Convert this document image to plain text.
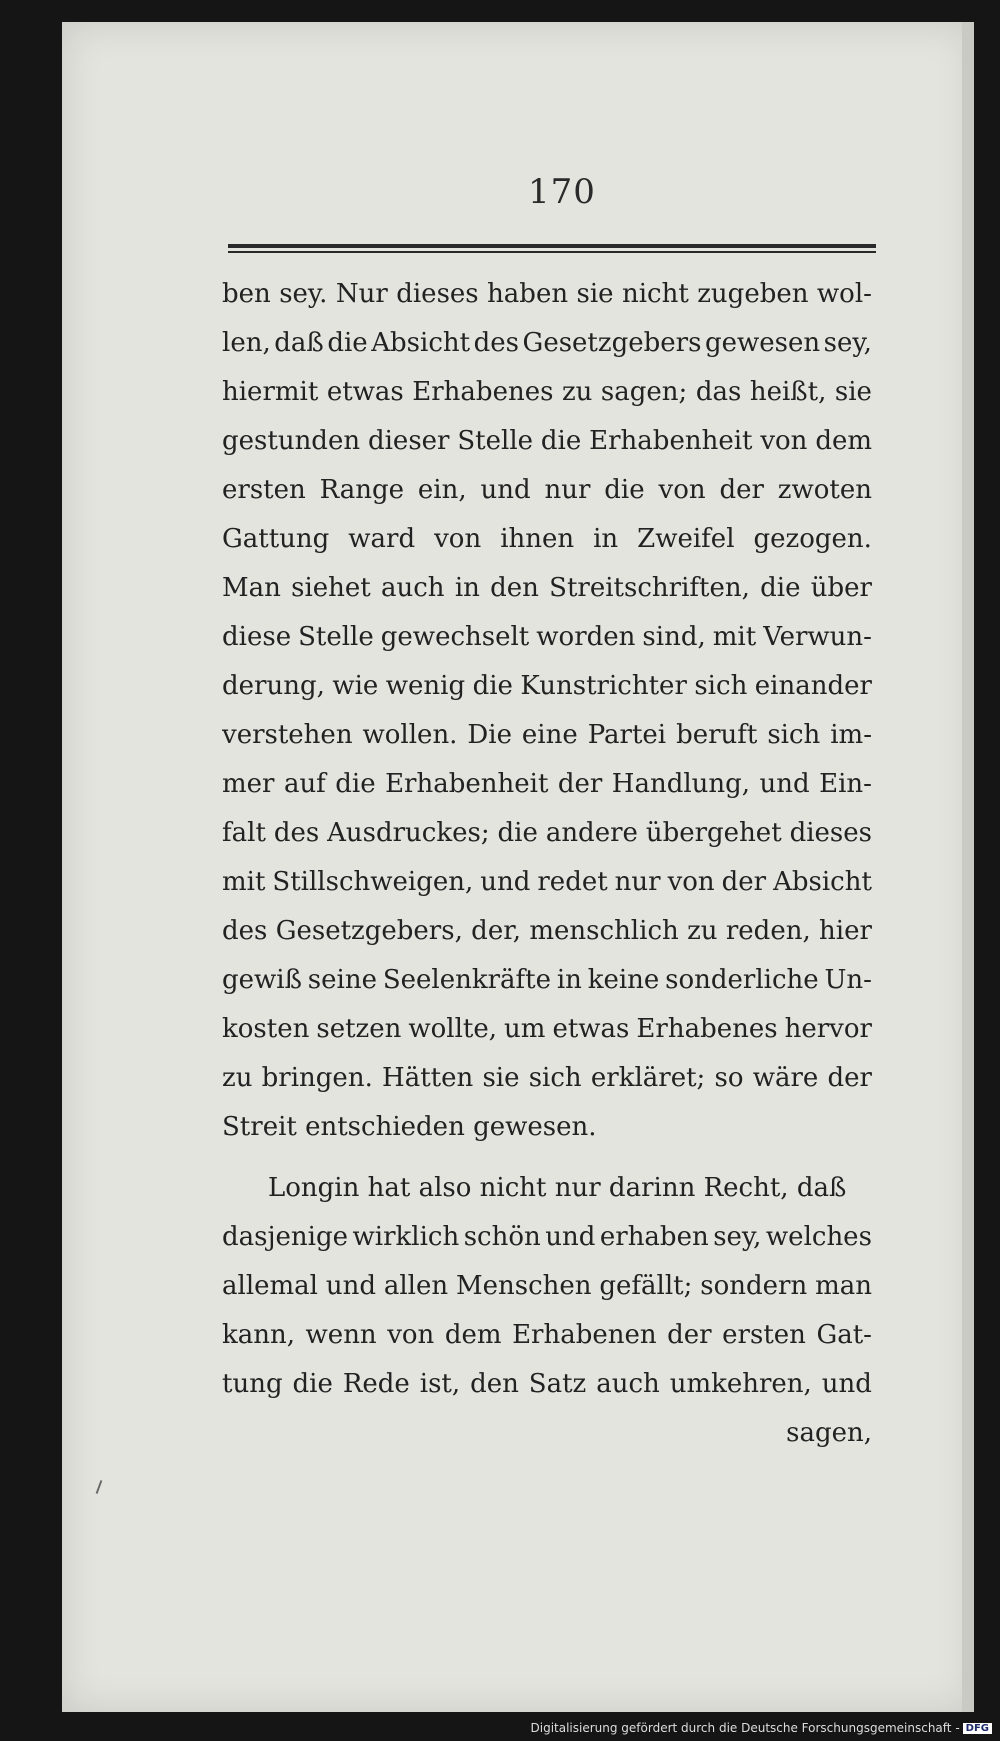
170
ben sey. Nur dieses haben sie nicht zugeben wol-
len, daß die Absicht des Gesetzgebers gewesen sey,
hiermit etwas Erhabenes zu sagen; das heißt, sie
gestunden dieser Stelle die Erhabenheit von dem
ersten Range ein, und nur die von der zwoten
Gattung ward von ihnen in Zweifel gezogen.
Man siehet auch in den Streitschriften, die über
diese Stelle gewechselt worden sind, mit Verwun-
derung, wie wenig die Kunstrichter sich einander
verstehen wollen. Die eine Partei beruft sich im-
mer auf die Erhabenheit der Handlung, und Ein-
falt des Ausdruckes; die andere übergehet dieses
mit Stillschweigen, und redet nur von der Absicht
des Gesetzgebers, der, menschlich zu reden, hier
gewiß seine Seelenkräfte in keine sonderliche Un-
kosten setzen wollte, um etwas Erhabenes hervor
zu bringen. Hätten sie sich erkläret; so wäre der
Streit entschieden gewesen.
Longin hat also nicht nur darinn Recht, daß
dasjenige wirklich schön und erhaben sey, welches
allemal und allen Menschen gefällt; sondern man
kann, wenn von dem Erhabenen der ersten Gat-
tung die Rede ist, den Satz auch umkehren, und
sagen,
Digitalisierung gefördert durch die Deutsche Forschungsgemeinschaft - DFG
